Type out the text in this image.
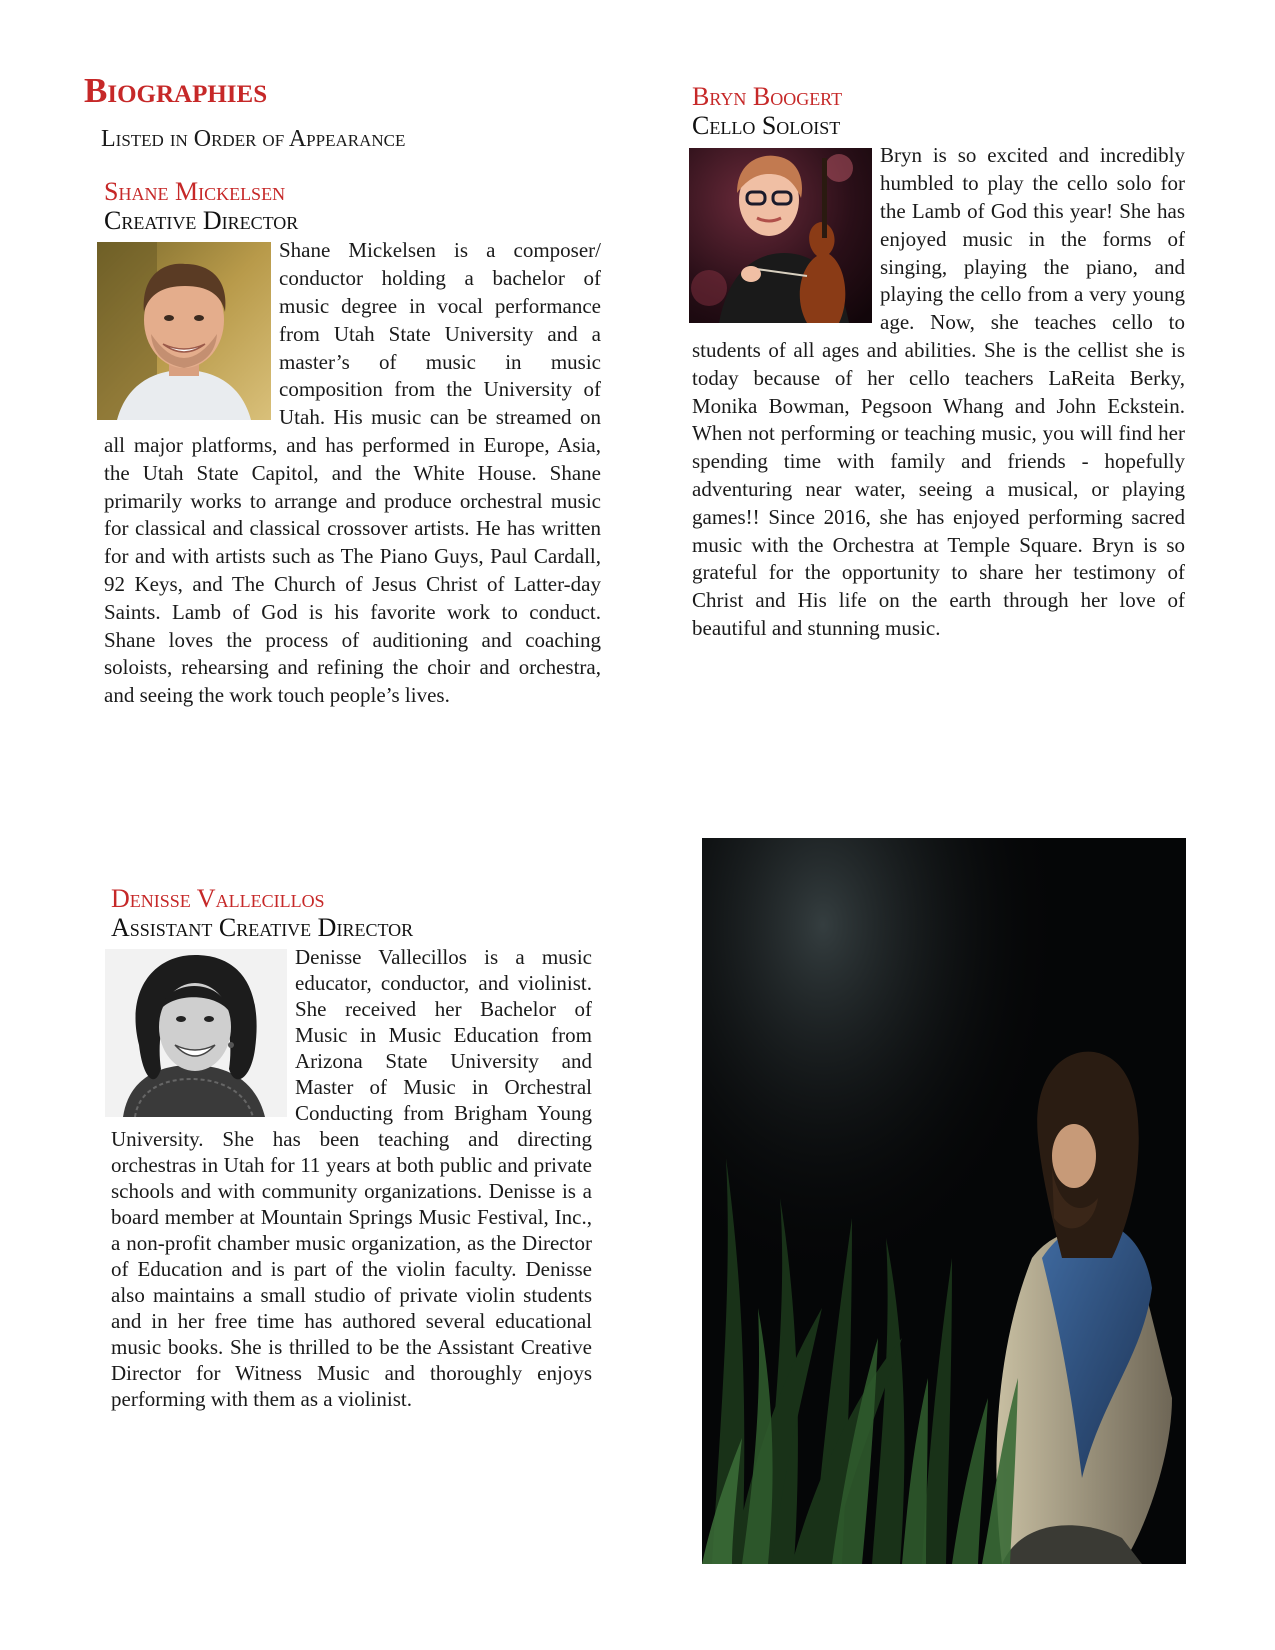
Biographies
Listed in Order of Appearance
Shane Mickelsen
Creative Director

Shane Mickelsen is a composer/ conductor holding a bachelor of music degree in vocal performance from Utah State University and a master’s of music in music composition from the University of Utah. His music can be streamed on all major platforms, and has performed in Europe, Asia, the Utah State Capitol, and the White House. Shane primarily works to arrange and produce orchestral music for classical and classical crossover artists. He has written for and with artists such as The Piano Guys, Paul Cardall, 92 Keys, and The Church of Jesus Christ of Latter-day Saints. Lamb of God is his favorite work to conduct. Shane loves the process of auditioning and coaching soloists, rehearsing and refining the choir and orchestra, and seeing the work touch people’s lives.

Bryn Boogert
Cello Soloist

Bryn is so excited and incredibly humbled to play the cello solo for the Lamb of God this year! She has enjoyed music in the forms of singing, playing the piano, and playing the cello from a very young age. Now, she teaches cello to students of all ages and abilities. She is the cellist she is today because of her cello teachers LaReita Berky, Monika Bowman, Pegsoon Whang and John Eckstein. When not performing or teaching music, you will find her spending time with family and friends - hopefully adventuring near water, seeing a musical, or playing games!! Since 2016, she has enjoyed performing sacred music with the Orchestra at Temple Square. Bryn is so grateful for the opportunity to share her testimony of Christ and His life on the earth through her love of beautiful and stunning music.

Denisse Vallecillos
Assistant Creative Director

Denisse Vallecillos is a music educator, conductor, and violinist. She received her Bachelor of Music in Music Education from Arizona State University and Master of Music in Orchestral Conducting from Brigham Young University. She has been teaching and directing orchestras in Utah for 11 years at both public and private schools and with community organizations. Denisse is a board member at Mountain Springs Music Festival, Inc., a non-profit chamber music organization, as the Director of Education and is part of the violin faculty. Denisse also maintains a small studio of private violin students and in her free time has authored several educational music books. She is thrilled to be the Assistant Creative Director for Witness Music and thoroughly enjoys performing with them as a violinist.
